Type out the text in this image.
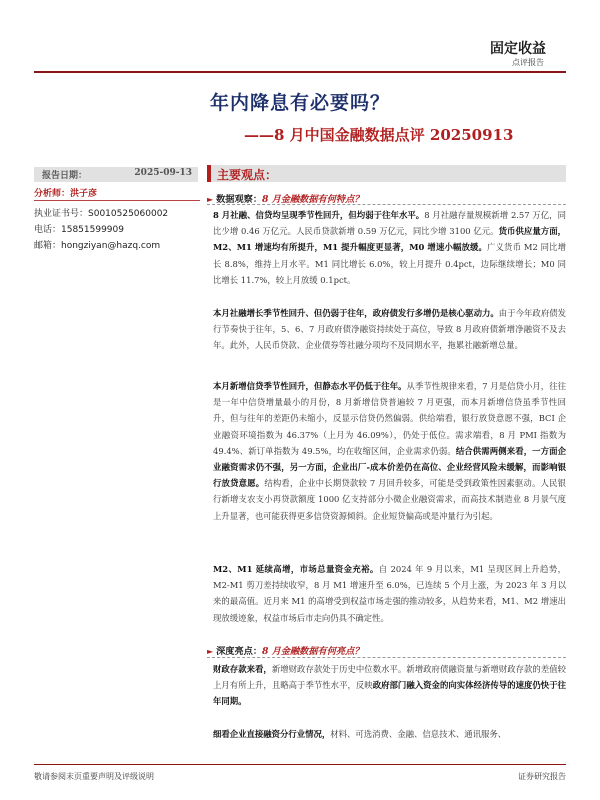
固定收益
点评报告
年内降息有必要吗？
——8 月中国金融数据点评 20250913
报告日期：	2025-09-13
分析师：洪子彦
执业证书号：S0010525060002
电话：15851599909
邮箱：hongziyan@hazq.com
主要观点：
► 数据观察：8 月金融数据有何特点？
8 月社融、信贷均呈现季节性回升，但均弱于往年水平。8 月社融存量规模新增 2.57 万亿，同比少增 0.46 万亿元。人民币贷款新增 0.59 万亿元，同比少增 3100 亿元。货币供应量方面，M2、M1 增速均有所提升，M1 提升幅度更显著，M0 增速小幅放缓。广义货币 M2 同比增长 8.8%，维持上月水平。M1 同比增长 6.0%，较上月提升 0.4pct，边际继续增长；M0 同比增长 11.7%，较上月放缓 0.1pct。
本月社融增长季节性回升、但仍弱于往年，政府债发行多增仍是核心驱动力。由于今年政府债发行节奏快于往年，5、6、7 月政府债净融资持续处于高位，导致 8 月政府债新增净融资不及去年。此外，人民币贷款、企业债券等社融分项均不及同期水平，拖累社融新增总量。
本月新增信贷季节性回升，但静态水平仍低于往年。从季节性规律来看，7 月是信贷小月，往往是一年中信贷增量最小的月份，8 月新增信贷普遍较 7 月更强，而本月新增信贷虽季节性回升，但与往年的差距仍未缩小，反显示信贷仍然偏弱。供给端看，银行放贷意愿不强，BCI 企业融资环境指数为 46.37%（上月为 46.09%），仍处于低位。需求端看，8 月 PMI 指数为 49.4%、新订单指数为 49.5%，均在收缩区间，企业需求仍弱。结合供需两侧来看，一方面企业融资需求仍不强，另一方面，企业出厂-成本价差仍在高位、企业经营风险未缓解，而影响银行放贷意愿。结构看，企业中长期贷款较 7 月回升较多，可能是受到政策性因素驱动。人民银行新增支农支小再贷款额度 1000 亿支持部分小微企业融资需求，而高技术制造业 8 月景气度上升显著，也可能获得更多信贷资源倾斜。企业短贷偏高或是冲量行为引起。
M2、M1 延续高增，市场总量资金充裕。自 2024 年 9 月以来，M1 呈现区间上升趋势，M2-M1 剪刀差持续收窄，8 月 M1 增速升至 6.0%，已连续 5 个月上涨，为 2023 年 3 月以来的最高值。近月来 M1 的高增受到权益市场走强的推动较多，从趋势来看，M1、M2 增速出现放缓迹象，权益市场后市走向仍具不确定性。
► 深度亮点：8 月金融数据有何亮点？
财政存款来看，新增财政存款处于历史中位数水平。新增政府债融资量与新增财政存款的差值较上月有所上升，且略高于季节性水平，反映政府部门融入资金的向实体经济传导的速度仍快于往年同期。
细看企业直接融资分行业情况，材料、可选消费、金融、信息技术、通讯服务、
敬请参阅末页重要声明及评级说明	证券研究报告
